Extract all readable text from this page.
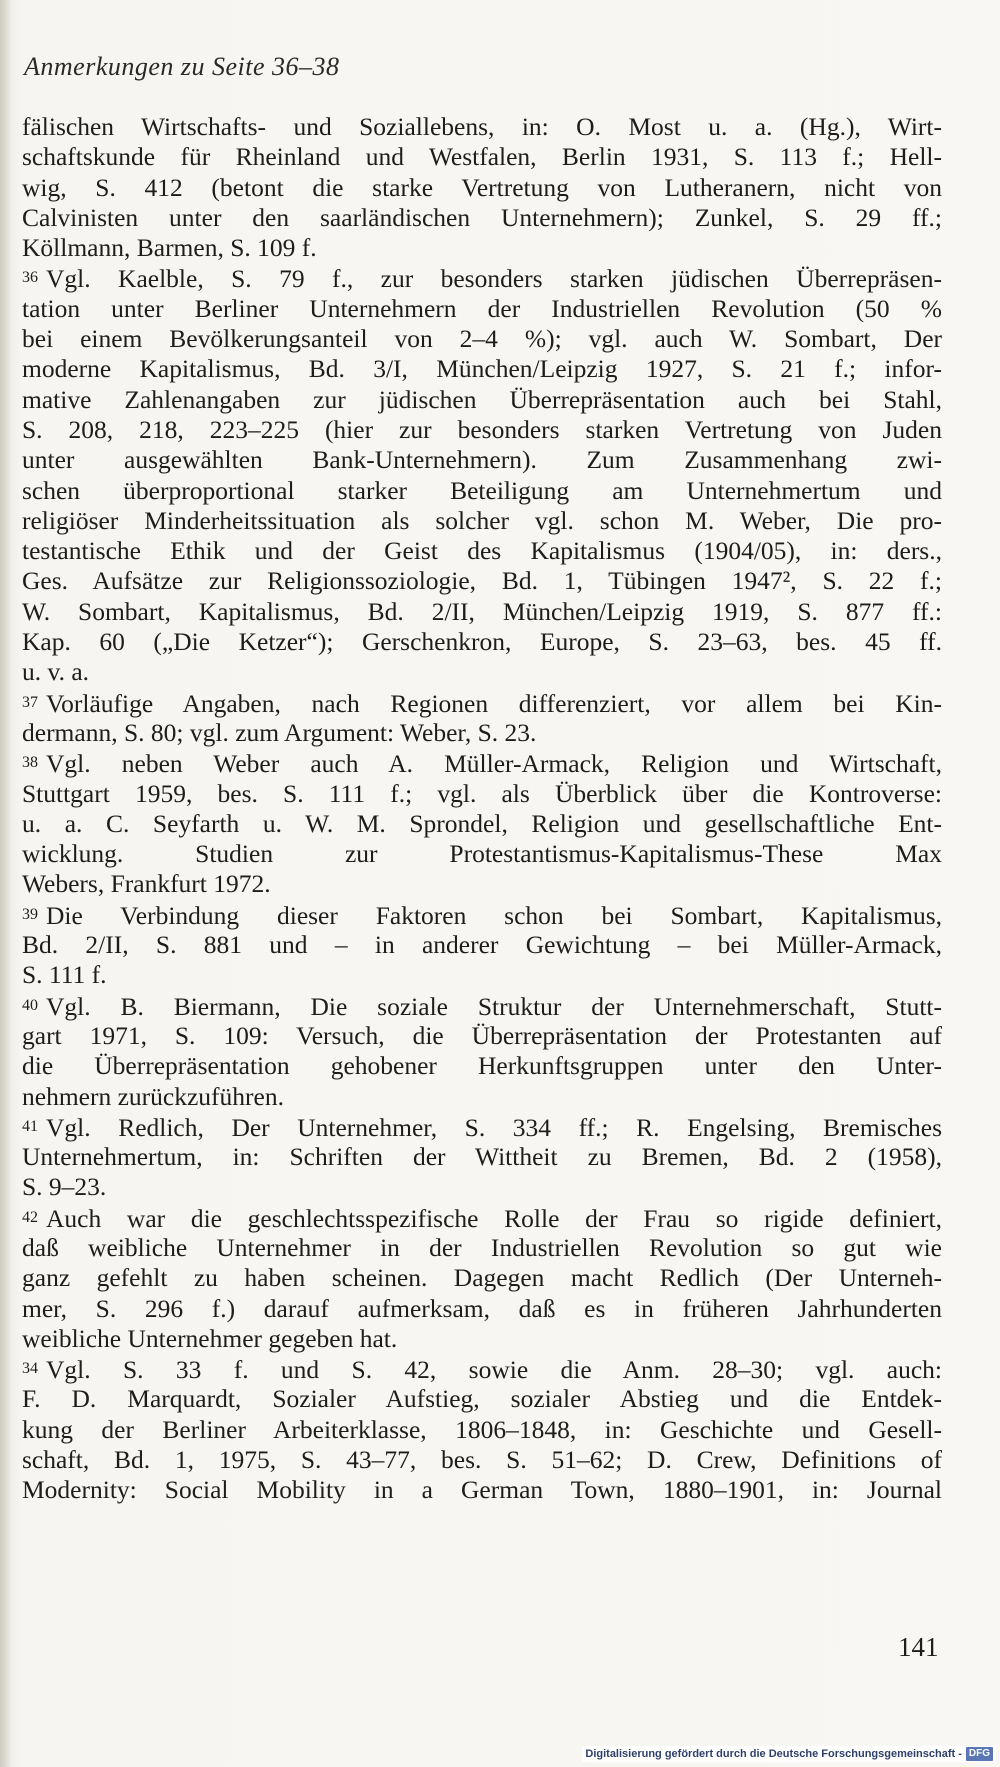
Anmerkungen zu Seite 36–38
fälischen Wirtschafts- und Soziallebens, in: O. Most u. a. (Hg.), Wirt-
schaftskunde für Rheinland und Westfalen, Berlin 1931, S. 113 f.; Hell-
wig, S. 412 (betont die starke Vertretung von Lutheranern, nicht von
Calvinisten unter den saarländischen Unternehmern); Zunkel, S. 29 ff.;
Köllmann, Barmen, S. 109 f.
36 Vgl. Kaelble, S. 79 f., zur besonders starken jüdischen Überrepräsen-
tation unter Berliner Unternehmern der Industriellen Revolution (50 %
bei einem Bevölkerungsanteil von 2–4 %); vgl. auch W. Sombart, Der
moderne Kapitalismus, Bd. 3/I, München/Leipzig 1927, S. 21 f.; infor-
mative Zahlenangaben zur jüdischen Überrepräsentation auch bei Stahl,
S. 208, 218, 223–225 (hier zur besonders starken Vertretung von Juden
unter ausgewählten Bank-Unternehmern). Zum Zusammenhang zwi-
schen überproportional starker Beteiligung am Unternehmertum und
religiöser Minderheitssituation als solcher vgl. schon M. Weber, Die pro-
testantische Ethik und der Geist des Kapitalismus (1904/05), in: ders.,
Ges. Aufsätze zur Religionssoziologie, Bd. 1, Tübingen 1947², S. 22 f.;
W. Sombart, Kapitalismus, Bd. 2/II, München/Leipzig 1919, S. 877 ff.:
Kap. 60 („Die Ketzer“); Gerschenkron, Europe, S. 23–63, bes. 45 ff.
u. v. a.
37 Vorläufige Angaben, nach Regionen differenziert, vor allem bei Kin-
dermann, S. 80; vgl. zum Argument: Weber, S. 23.
38 Vgl. neben Weber auch A. Müller-Armack, Religion und Wirtschaft,
Stuttgart 1959, bes. S. 111 f.; vgl. als Überblick über die Kontroverse:
u. a. C. Seyfarth u. W. M. Sprondel, Religion und gesellschaftliche Ent-
wicklung. Studien zur Protestantismus-Kapitalismus-These Max
Webers, Frankfurt 1972.
39 Die Verbindung dieser Faktoren schon bei Sombart, Kapitalismus,
Bd. 2/II, S. 881 und – in anderer Gewichtung – bei Müller-Armack,
S. 111 f.
40 Vgl. B. Biermann, Die soziale Struktur der Unternehmerschaft, Stutt-
gart 1971, S. 109: Versuch, die Überrepräsentation der Protestanten auf
die Überrepräsentation gehobener Herkunftsgruppen unter den Unter-
nehmern zurückzuführen.
41 Vgl. Redlich, Der Unternehmer, S. 334 ff.; R. Engelsing, Bremisches
Unternehmertum, in: Schriften der Wittheit zu Bremen, Bd. 2 (1958),
S. 9–23.
42 Auch war die geschlechtsspezifische Rolle der Frau so rigide definiert,
daß weibliche Unternehmer in der Industriellen Revolution so gut wie
ganz gefehlt zu haben scheinen. Dagegen macht Redlich (Der Unterneh-
mer, S. 296 f.) darauf aufmerksam, daß es in früheren Jahrhunderten
weibliche Unternehmer gegeben hat.
34 Vgl. S. 33 f. und S. 42, sowie die Anm. 28–30; vgl. auch:
F. D. Marquardt, Sozialer Aufstieg, sozialer Abstieg und die Entdek-
kung der Berliner Arbeiterklasse, 1806–1848, in: Geschichte und Gesell-
schaft, Bd. 1, 1975, S. 43–77, bes. S. 51–62; D. Crew, Definitions of
Modernity: Social Mobility in a German Town, 1880–1901, in: Journal
141
Digitalisierung gefördert durch die Deutsche Forschungsgemeinschaft - DFG
